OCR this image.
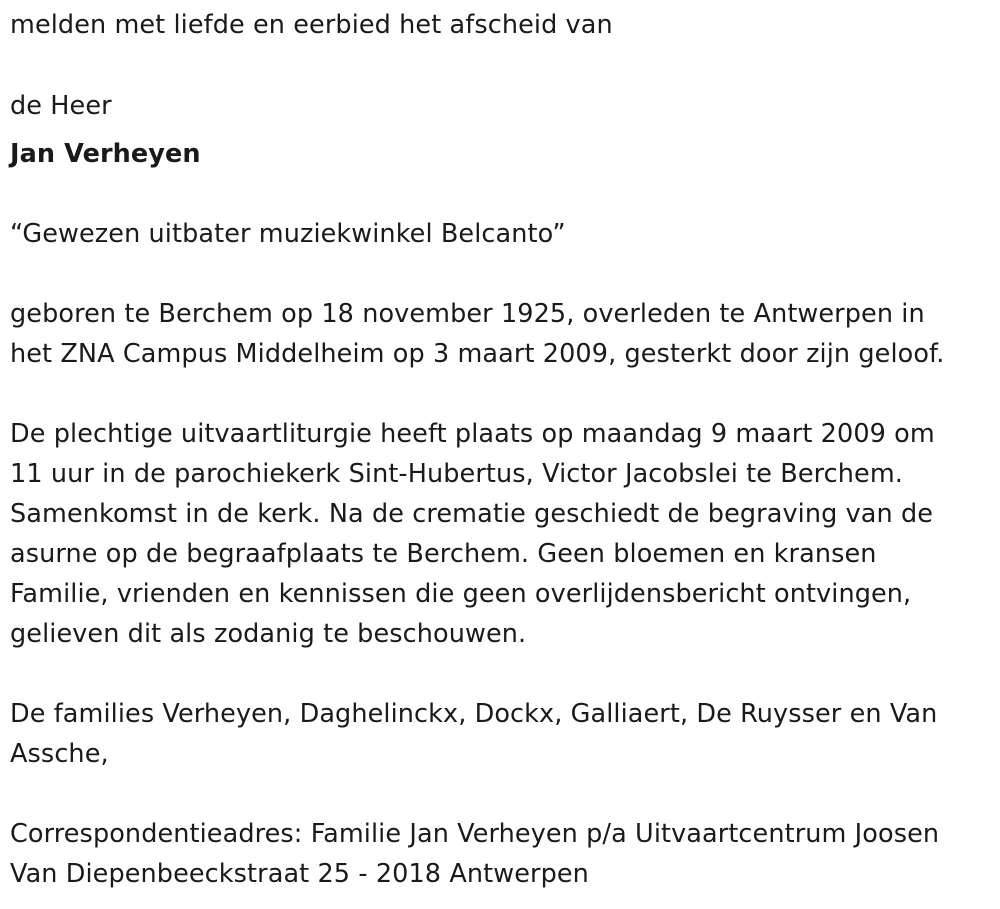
melden met liefde en eerbied het afscheid van
de Heer
Jan Verheyen
“Gewezen uitbater muziekwinkel Belcanto”
geboren te Berchem op 18 november 1925, overleden te Antwerpen in
het ZNA Campus Middelheim op 3 maart 2009, gesterkt door zijn geloof.
De plechtige uitvaartliturgie heeft plaats op maandag 9 maart 2009 om
11 uur in de parochiekerk Sint-Hubertus, Victor Jacobslei te Berchem.
Samenkomst in de kerk. Na de crematie geschiedt de begraving van de
asurne op de begraafplaats te Berchem. Geen bloemen en kransen
Familie, vrienden en kennissen die geen overlijdensbericht ontvingen,
gelieven dit als zodanig te beschouwen.
De families Verheyen, Daghelinckx, Dockx, Galliaert, De Ruysser en Van
Assche,
Correspondentieadres: Familie Jan Verheyen p/a Uitvaartcentrum Joosen
Van Diepenbeeckstraat 25 - 2018 Antwerpen
